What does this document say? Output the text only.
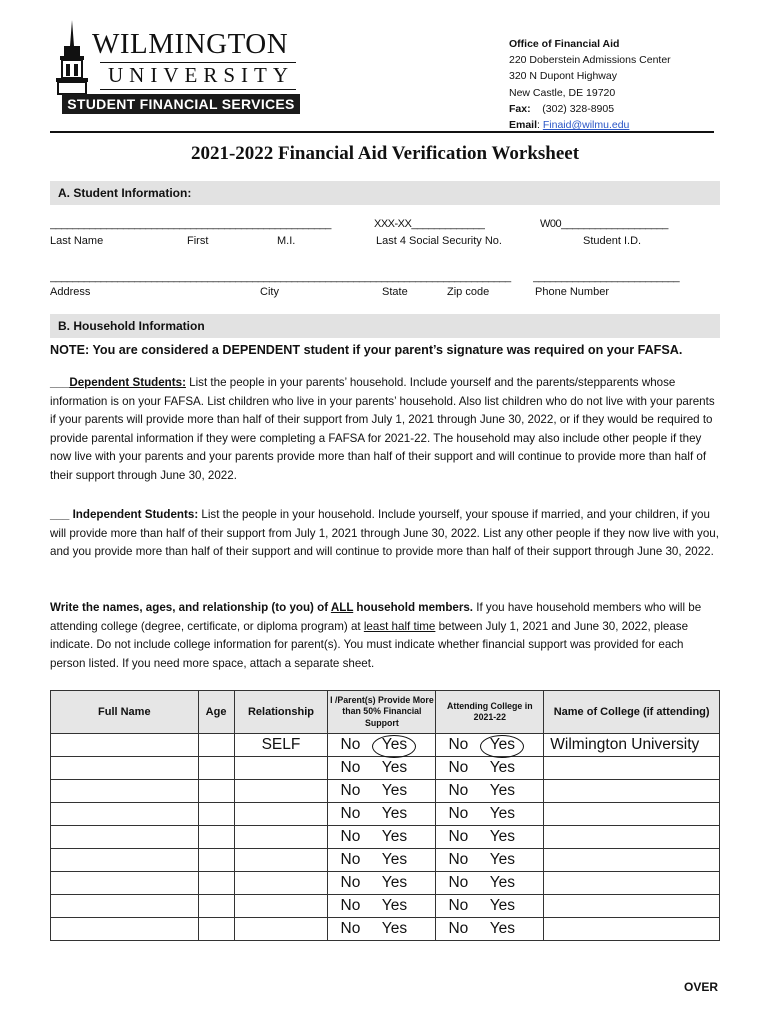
WILMINGTON
UNIVERSITY
STUDENT FINANCIAL SERVICES
Office of Financial Aid
220 Doberstein Admissions Center
320 N Dupont Highway
New Castle, DE 19720
Fax: (302) 328-8905
Email: Finaid@wilmu.edu
2021-2022 Financial Aid Verification Worksheet
A. Student Information:
__________________________________________________	XXX-XX_____________	W00___________________
Last Name	First	M.I.	Last 4 Social Security No.	Student I.D.
__________________________________________________________________________________	__________________________
Address	City	State	Zip code	Phone Number
B. Household Information
NOTE: You are considered a DEPENDENT student if your parent’s signature was required on your FAFSA.
___Dependent Students: List the people in your parents’ household. Include yourself and the parents/stepparents whose information is on your FAFSA. List children who live in your parents’ household. Also list children who do not live with your parents if your parents will provide more than half of their support from July 1, 2021 through June 30, 2022, or if they would be required to provide parental information if they were completing a FAFSA for 2021-22. The household may also include other people if they now live with your parents and your parents provide more than half of their support and will continue to provide more than half of their support through June 30, 2022.
___ Independent Students: List the people in your household. Include yourself, your spouse if married, and your children, if you will provide more than half of their support from July 1, 2021 through June 30, 2022. List any other people if they now live with you, and you provide more than half of their support and will continue to provide more than half of their support through June 30, 2022.
Write the names, ages, and relationship (to you) of ALL household members. If you have household members who will be attending college (degree, certificate, or diploma program) at least half time between July 1, 2021 and June 30, 2022, please indicate. Do not include college information for parent(s). You must indicate whether financial support was provided for each person listed. If you need more space, attach a separate sheet.
Full Name	Age	Relationship	I /Parent(s) Provide More than 50% Financial Support	Attending College in 2021-22	Name of College (if attending)
		SELF	No Yes	No Yes	Wilmington University

			No Yes	No Yes	

			No Yes	No Yes	

			No Yes	No Yes	

			No Yes	No Yes	

			No Yes	No Yes	

			No Yes	No Yes	

			No Yes	No Yes	

			No Yes	No Yes	

OVER
